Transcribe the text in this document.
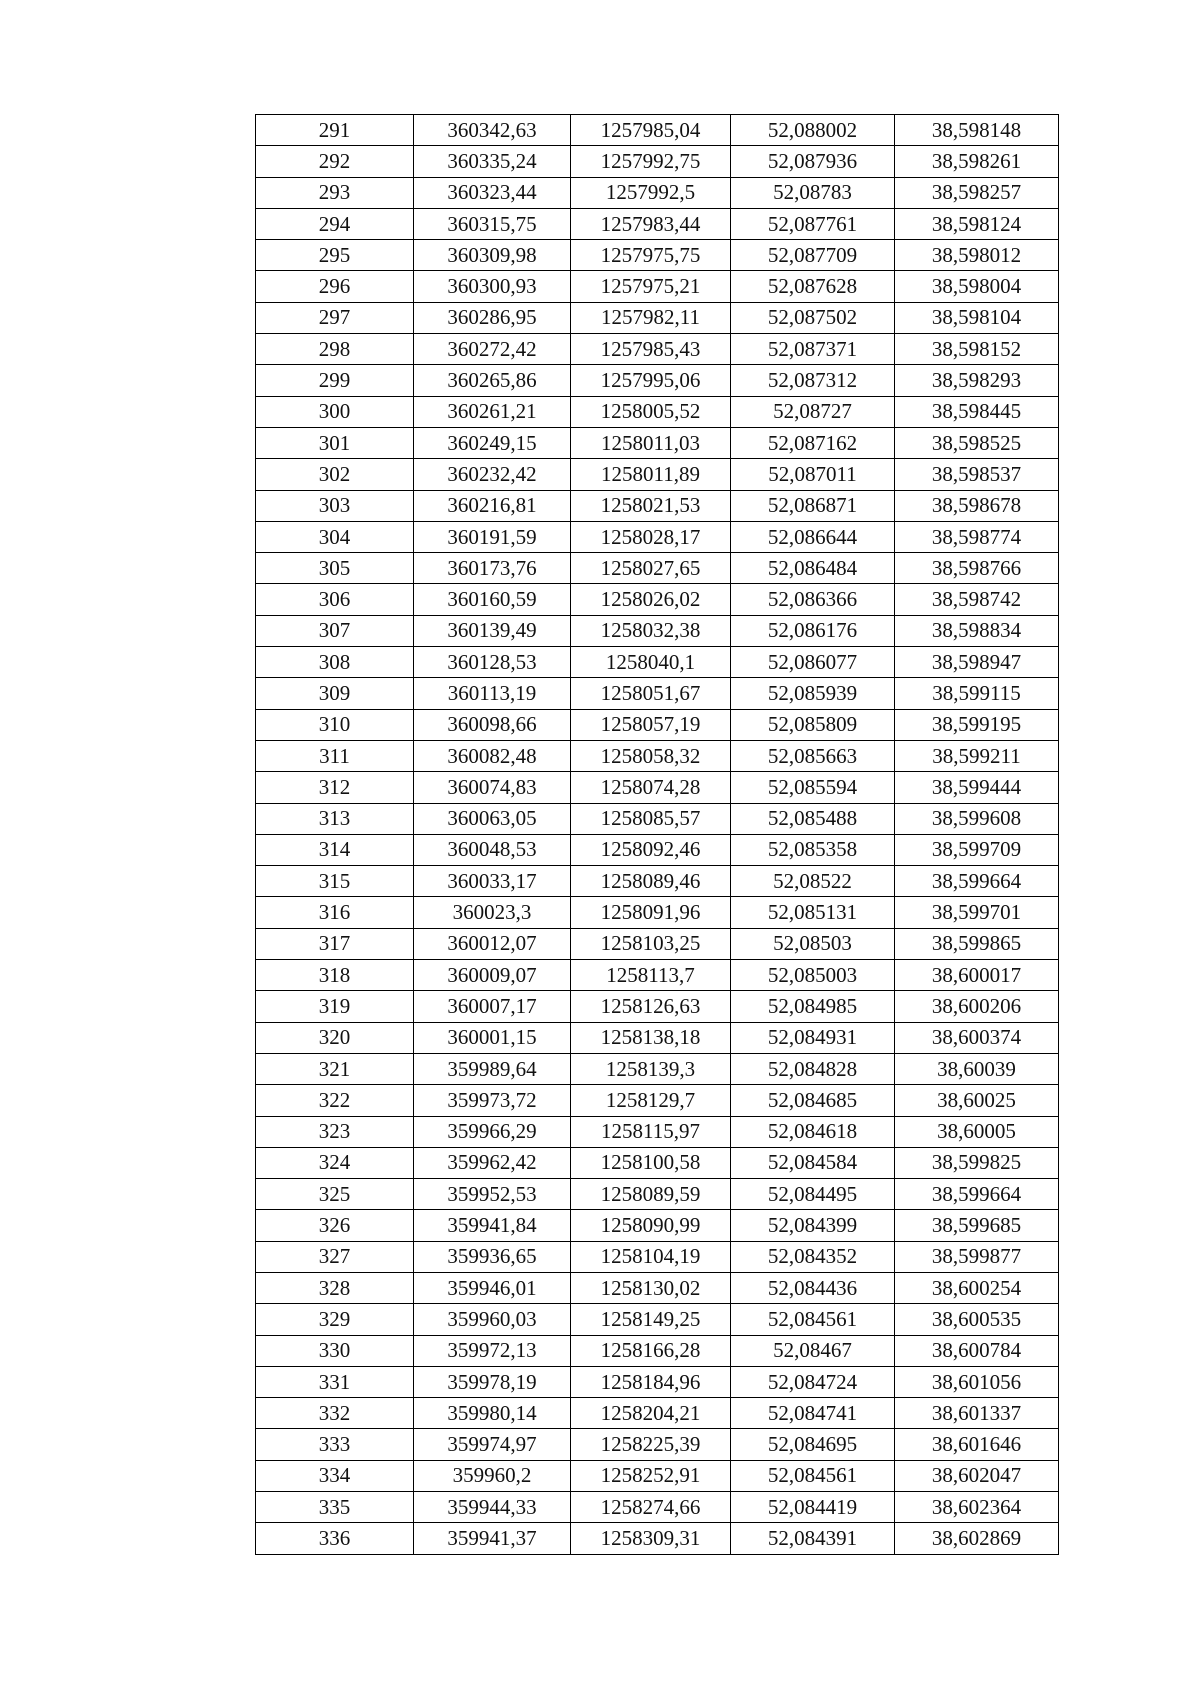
291	360342,63	1257985,04	52,088002	38,598148
292	360335,24	1257992,75	52,087936	38,598261
293	360323,44	1257992,5	52,08783	38,598257
294	360315,75	1257983,44	52,087761	38,598124
295	360309,98	1257975,75	52,087709	38,598012
296	360300,93	1257975,21	52,087628	38,598004
297	360286,95	1257982,11	52,087502	38,598104
298	360272,42	1257985,43	52,087371	38,598152
299	360265,86	1257995,06	52,087312	38,598293
300	360261,21	1258005,52	52,08727	38,598445
301	360249,15	1258011,03	52,087162	38,598525
302	360232,42	1258011,89	52,087011	38,598537
303	360216,81	1258021,53	52,086871	38,598678
304	360191,59	1258028,17	52,086644	38,598774
305	360173,76	1258027,65	52,086484	38,598766
306	360160,59	1258026,02	52,086366	38,598742
307	360139,49	1258032,38	52,086176	38,598834
308	360128,53	1258040,1	52,086077	38,598947
309	360113,19	1258051,67	52,085939	38,599115
310	360098,66	1258057,19	52,085809	38,599195
311	360082,48	1258058,32	52,085663	38,599211
312	360074,83	1258074,28	52,085594	38,599444
313	360063,05	1258085,57	52,085488	38,599608
314	360048,53	1258092,46	52,085358	38,599709
315	360033,17	1258089,46	52,08522	38,599664
316	360023,3	1258091,96	52,085131	38,599701
317	360012,07	1258103,25	52,08503	38,599865
318	360009,07	1258113,7	52,085003	38,600017
319	360007,17	1258126,63	52,084985	38,600206
320	360001,15	1258138,18	52,084931	38,600374
321	359989,64	1258139,3	52,084828	38,60039
322	359973,72	1258129,7	52,084685	38,60025
323	359966,29	1258115,97	52,084618	38,60005
324	359962,42	1258100,58	52,084584	38,599825
325	359952,53	1258089,59	52,084495	38,599664
326	359941,84	1258090,99	52,084399	38,599685
327	359936,65	1258104,19	52,084352	38,599877
328	359946,01	1258130,02	52,084436	38,600254
329	359960,03	1258149,25	52,084561	38,600535
330	359972,13	1258166,28	52,08467	38,600784
331	359978,19	1258184,96	52,084724	38,601056
332	359980,14	1258204,21	52,084741	38,601337
333	359974,97	1258225,39	52,084695	38,601646
334	359960,2	1258252,91	52,084561	38,602047
335	359944,33	1258274,66	52,084419	38,602364
336	359941,37	1258309,31	52,084391	38,602869
